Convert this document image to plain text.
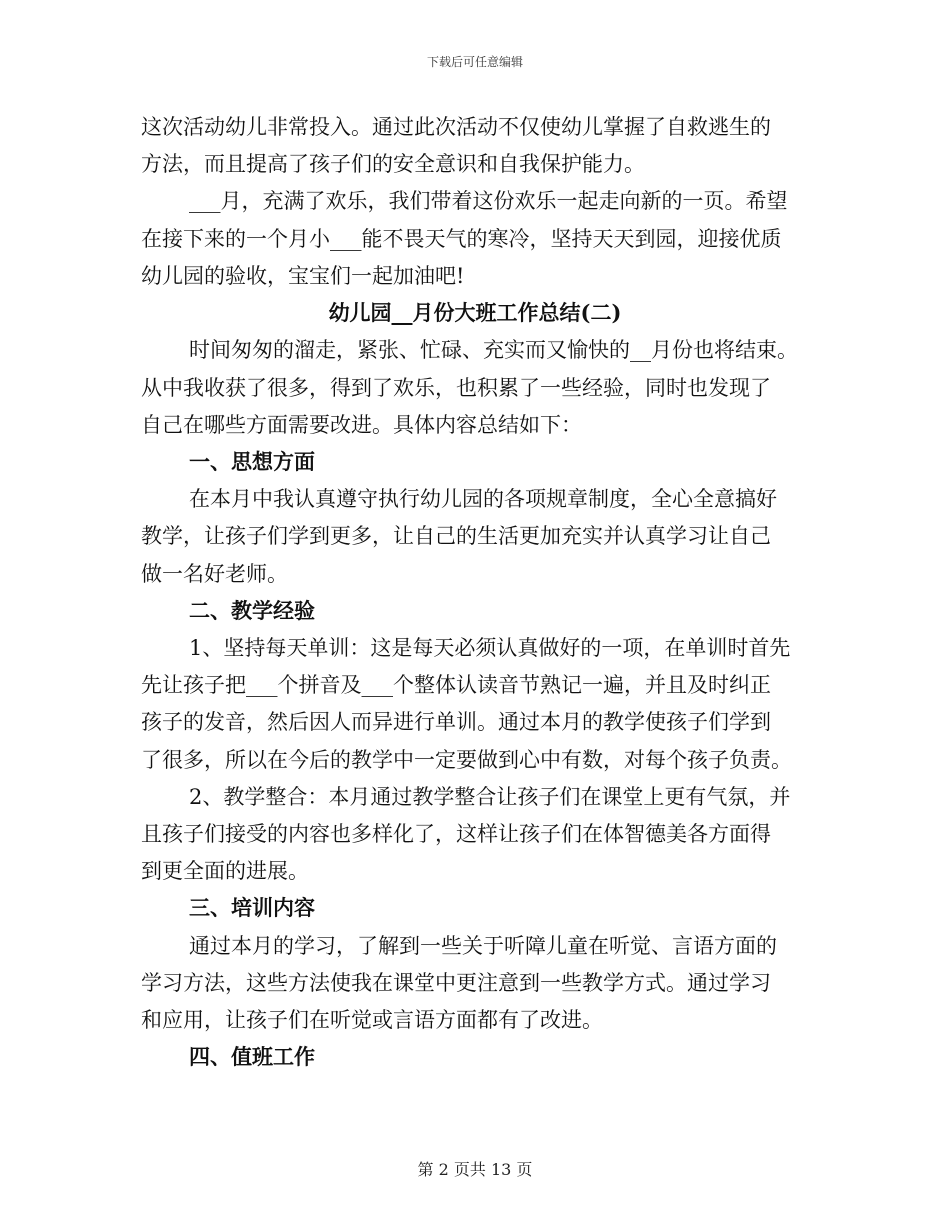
下载后可任意编辑
这次活动幼儿非常投入。通过此次活动不仅使幼儿掌握了自救逃生的
方法，而且提高了孩子们的安全意识和自我保护能力。
___月，充满了欢乐，我们带着这份欢乐一起走向新的一页。希望
在接下来的一个月小___能不畏天气的寒冷，坚持天天到园，迎接优质
幼儿园的验收，宝宝们一起加油吧!
幼儿园__月份大班工作总结(二)
时间匆匆的溜走，紧张、忙碌、充实而又愉快的__月份也将结束。
从中我收获了很多，得到了欢乐，也积累了一些经验，同时也发现了
自己在哪些方面需要改进。具体内容总结如下：
一、思想方面
在本月中我认真遵守执行幼儿园的各项规章制度，全心全意搞好
教学，让孩子们学到更多，让自己的生活更加充实并认真学习让自己
做一名好老师。
二、教学经验
1、坚持每天单训：这是每天必须认真做好的一项，在单训时首先
先让孩子把___个拼音及___个整体认读音节熟记一遍，并且及时纠正
孩子的发音，然后因人而异进行单训。通过本月的教学使孩子们学到
了很多，所以在今后的教学中一定要做到心中有数，对每个孩子负责。
2、教学整合：本月通过教学整合让孩子们在课堂上更有气氛，并
且孩子们接受的内容也多样化了，这样让孩子们在体智德美各方面得
到更全面的进展。
三、培训内容
通过本月的学习，了解到一些关于听障儿童在听觉、言语方面的
学习方法，这些方法使我在课堂中更注意到一些教学方式。通过学习
和应用，让孩子们在听觉或言语方面都有了改进。
四、值班工作
第 2 页共 13 页
